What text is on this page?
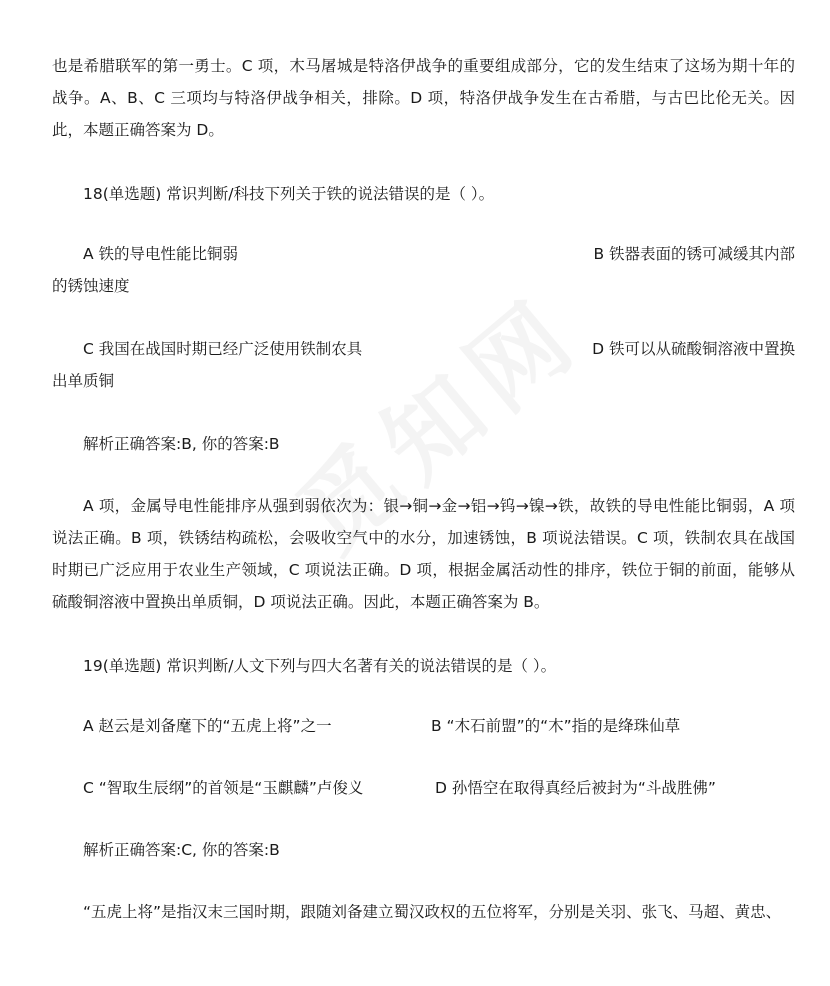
也是希腊联军的第一勇士。C 项，木马屠城是特洛伊战争的重要组成部分，它的发生结束了这场为期十年的战争。A、B、C 三项均与特洛伊战争相关，排除。D 项，特洛伊战争发生在古希腊，与古巴比伦无关。因此，本题正确答案为 D。

18(单选题) 常识判断/科技下列关于铁的说法错误的是（ ）。

A 铁的导电性能比铜弱	B 铁器表面的锈可减缓其内部
的锈蚀速度
C 我国在战国时期已经广泛使用铁制农具	D 铁可以从硫酸铜溶液中置换
出单质铜

解析正确答案:B, 你的答案:B

A 项，金属导电性能排序从强到弱依次为：银→铜→金→铝→钨→镍→铁，故铁的导电性能比铜弱，A 项说法正确。B 项，铁锈结构疏松，会吸收空气中的水分，加速锈蚀，B 项说法错误。C 项，铁制农具在战国时期已广泛应用于农业生产领域，C 项说法正确。D 项，根据金属活动性的排序，铁位于铜的前面，能够从硫酸铜溶液中置换出单质铜，D 项说法正确。因此，本题正确答案为 B。

19(单选题) 常识判断/人文下列与四大名著有关的说法错误的是（ ）。

A 赵云是刘备麾下的“五虎上将”之一	B “木石前盟”的“木”指的是绛珠仙草
C “智取生辰纲”的首领是“玉麒麟”卢俊义	D 孙悟空在取得真经后被封为“斗战胜佛”

解析正确答案:C, 你的答案:B

“五虎上将”是指汉末三国时期，跟随刘备建立蜀汉政权的五位将军，分别是关羽、张飞、马超、黄忠、
